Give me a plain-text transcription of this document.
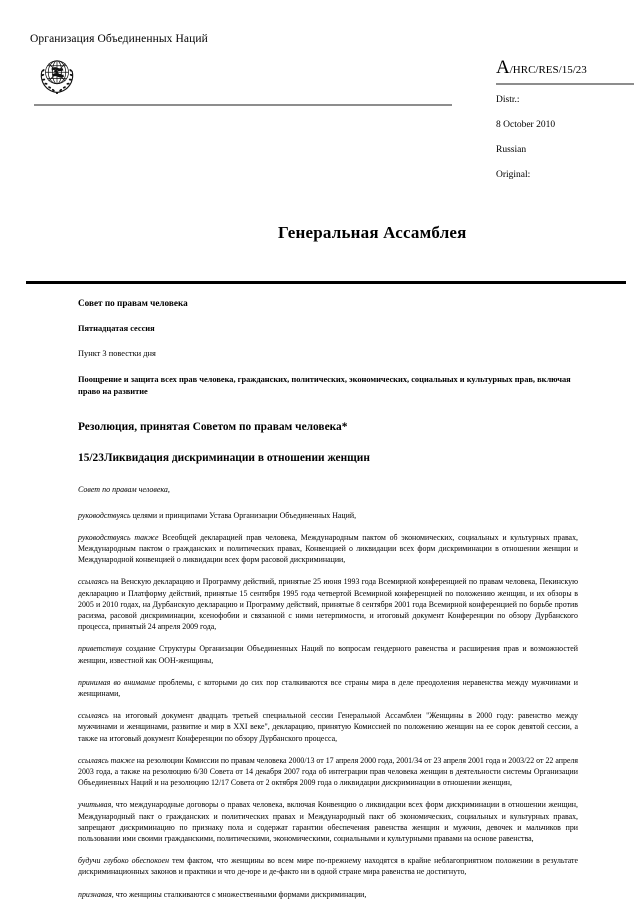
Организация Объединенных Наций
A/HRC/RES/15/23
Distr.:
8 October 2010
Russian
Original:
Генеральная Ассамблея
Совет по правам человека
Пятнадцатая сессия
Пункт 3 повестки дня
Поощрение и защита всех прав человека, гражданских, политических, экономических, социальных и культурных прав, включая право на развитие
Резолюция, принятая Советом по правам человека*
15/23Ликвидация дискриминации в отношении женщин
Совет по правам человека,

руководствуясь целями и принципами Устава Организации Объединенных Наций,

руководствуясь также Всеобщей декларацией прав человека, Международным пактом об экономических, социальных и культурных правах, Международным пактом о гражданских и политических правах, Конвенцией о ликвидации всех форм дискриминации в отношении женщин и Международной конвенцией о ликвидации всех форм расовой дискриминации,

ссылаясь на Венскую декларацию и Программу действий, принятые 25 июня 1993 года Всемирной конференцией по правам человека, Пекинскую декларацию и Платформу действий, принятые 15 сентября 1995 года четвертой Всемирной конференцией по положению женщин, и их обзоры в 2005 и 2010 годах, на Дурбанскую декларацию и Программу действий, принятые 8 сентября 2001 года Всемирной конференцией по борьбе против расизма, расовой дискриминации, ксенофобии и связанной с ними нетерпимости, и итоговый документ Конференции по обзору Дурбанского процесса, принятый 24 апреля 2009 года,

приветствуя создание Структуры Организации Объединенных Наций по вопросам гендерного равенства и расширения прав и возможностей женщин, известной как ООН-женщины,

принимая во внимание проблемы, с которыми до сих пор сталкиваются все страны мира в деле преодоления неравенства между мужчинами и женщинами,

ссылаясь на итоговый документ двадцать третьей специальной сессии Генеральной Ассамблеи "Женщины в 2000 году: равенство между мужчинами и женщинами, развитие и мир в XXI веке", декларацию, принятую Комиссией по положению женщин на ее сорок девятой сессии, а также на итоговый документ Конференции по обзору Дурбанского процесса,

ссылаясь также на резолюции Комиссии по правам человека 2000/13 от 17 апреля 2000 года, 2001/34 от 23 апреля 2001 года и 2003/22 от 22 апреля 2003 года, а также на резолюцию 6/30 Совета от 14 декабря 2007 года об интеграции прав человека женщин в деятельности системы Организации Объединенных Наций и на резолюцию 12/17 Совета от 2 октября 2009 года о ликвидации дискриминации в отношении женщин,

учитывая, что международные договоры о правах человека, включая Конвенцию о ликвидации всех форм дискриминации в отношении женщин, Международный пакт о гражданских и политических правах и Международный пакт об экономических, социальных и культурных правах, запрещают дискриминацию по признаку пола и содержат гарантии обеспечения равенства женщин и мужчин, девочек и мальчиков при пользовании ими своими гражданскими, политическими, экономическими, социальными и культурными правами на основе равенства,

будучи глубоко обеспокоен тем фактом, что женщины во всем мире по-прежнему находятся в крайне неблагоприятном положении в результате дискриминационных законов и практики и что де-юре и де-факто ни в одной стране мира равенства не достигнуто,

признавая, что женщины сталкиваются с множественными формами дискриминации,
